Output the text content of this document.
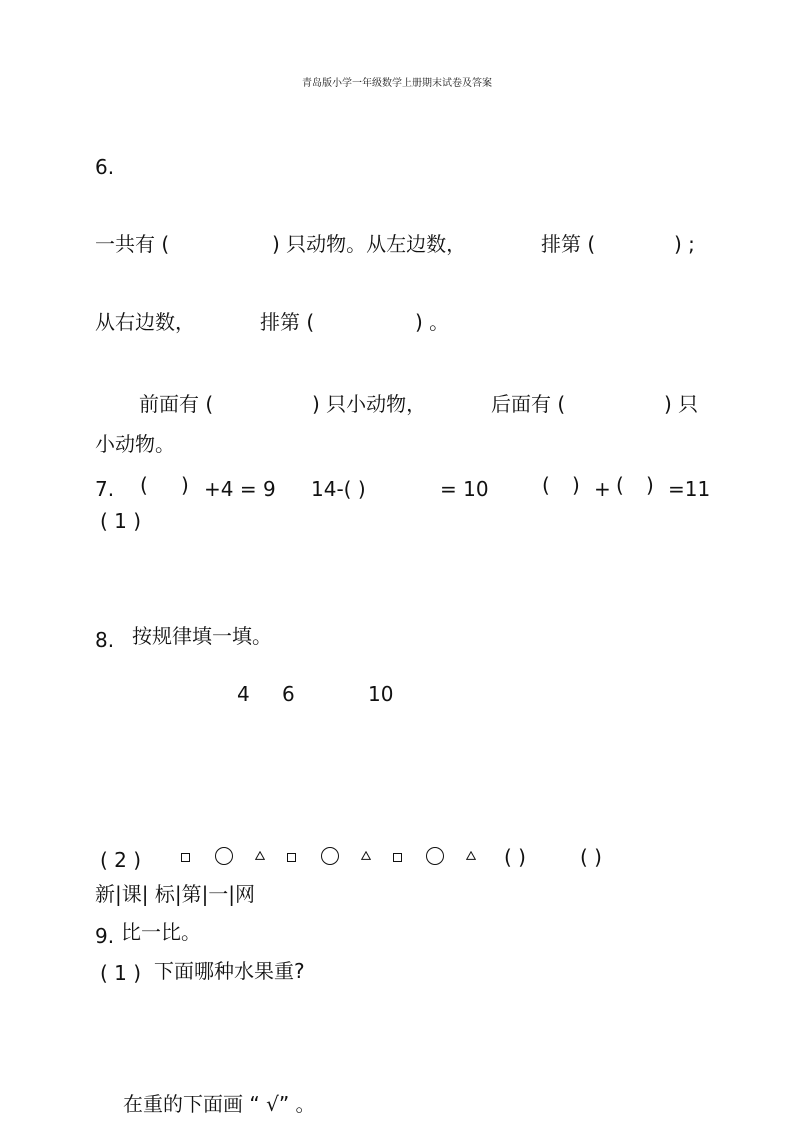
青岛版小学一年级数学上册期末试卷及答案
6.
一共有 (	) 只动物。从左边数，	排第 (	) ;
从右边数，	排第 (	) 。
前面有 (	) 只小动物，	后面有 (	) 只
小动物。
7. ( ) +4 = 9 14-( )	= 10	( ) + ( ) =11
( 1 )
8. 按规律填一填。
4 6	10
( 2 )	( )	( )
新|课| 标|第|一|网
9. 比一比。
( 1 ) 下面哪种水果重?
在重的下面画 “ √” 。
